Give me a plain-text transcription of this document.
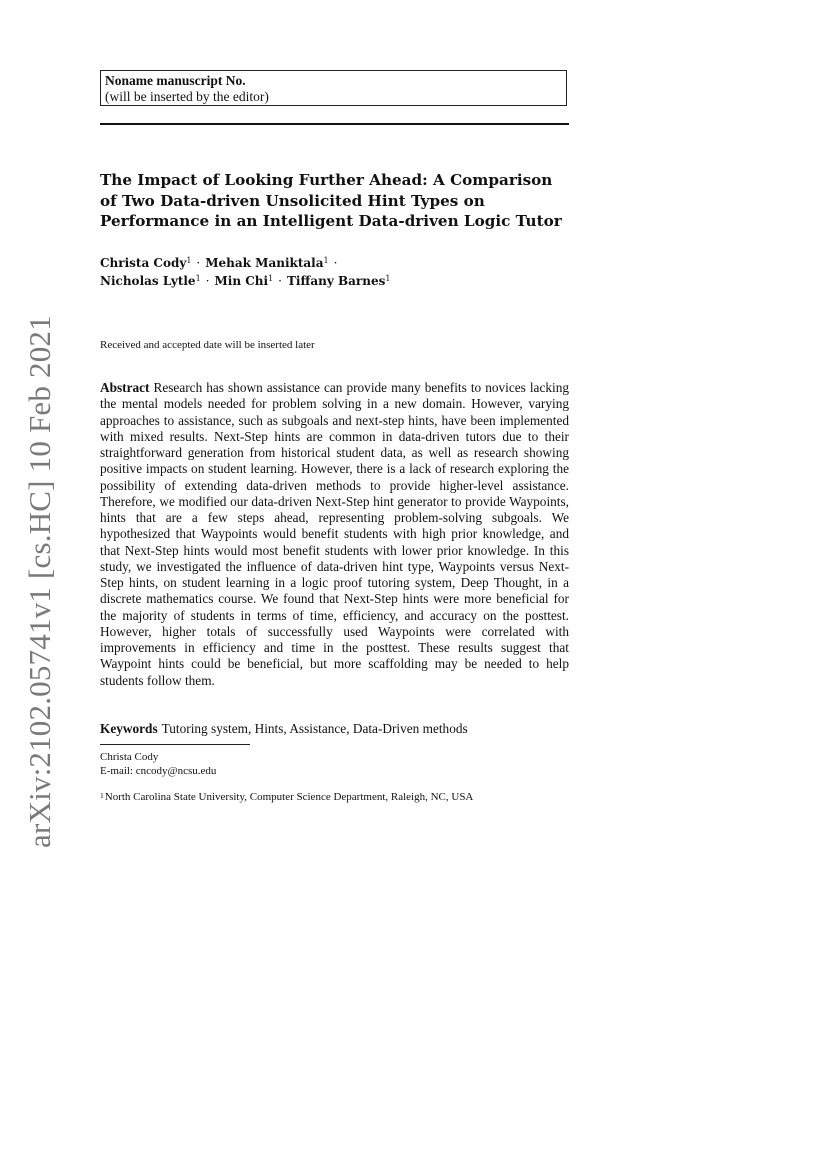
arXiv:2102.05741v1 [cs.HC] 10 Feb 2021
Noname manuscript No.
(will be inserted by the editor)
The Impact of Looking Further Ahead: A Comparison of Two Data-driven Unsolicited Hint Types on Performance in an Intelligent Data-driven Logic Tutor
Christa Cody$^1$ · Mehak Maniktala$^1$ ·
Nicholas Lytle$^1$ · Min Chi$^1$ · Tiffany Barnes$^1$
Received and accepted date will be inserted later
Abstract Research has shown assistance can provide many benefits to novices lacking the mental models needed for problem solving in a new domain. However, varying approaches to assistance, such as subgoals and next-step hints, have been implemented with mixed results. Next-Step hints are common in data-driven tutors due to their straightforward generation from historical student data, as well as research showing positive impacts on student learning. However, there is a lack of research exploring the possibility of extending data-driven methods to provide higher-level assistance. Therefore, we modified our data-driven Next-Step hint generator to provide Waypoints, hints that are a few steps ahead, representing problem-solving subgoals. We hypothesized that Waypoints would benefit students with high prior knowledge, and that Next-Step hints would most benefit students with lower prior knowledge. In this study, we investigated the influence of data-driven hint type, Waypoints versus Next-Step hints, on student learning in a logic proof tutoring system, Deep Thought, in a discrete mathematics course. We found that Next-Step hints were more beneficial for the majority of students in terms of time, efficiency, and accuracy on the posttest. However, higher totals of successfully used Waypoints were correlated with improvements in efficiency and time in the posttest. These results suggest that Waypoint hints could be beneficial, but more scaffolding may be needed to help students follow them.
Keywords Tutoring system, Hints, Assistance, Data-Driven methods
Christa Cody
E-mail: cncody@ncsu.edu
$^1$North Carolina State University, Computer Science Department, Raleigh, NC, USA
